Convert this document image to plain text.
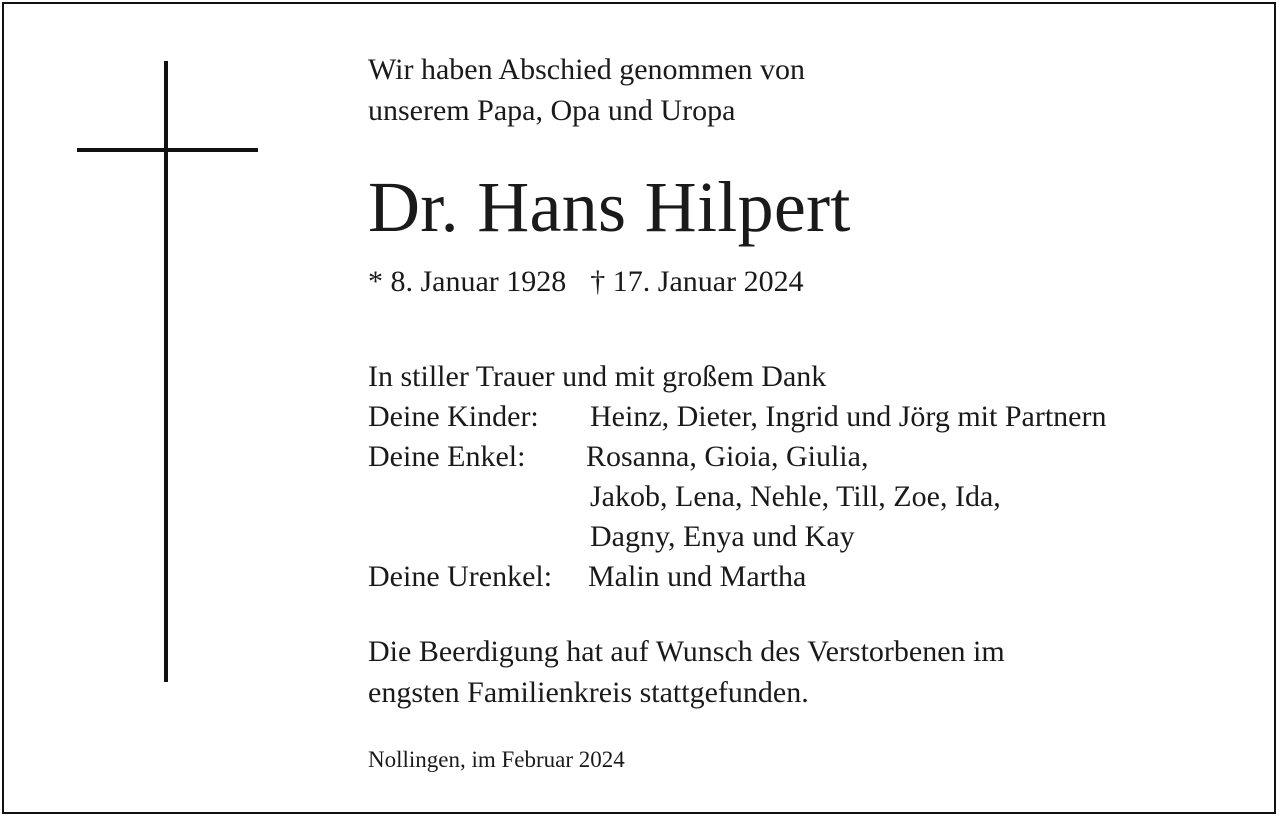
Wir haben Abschied genommen von
unserem Papa, Opa und Uropa
Dr. Hans Hilpert
* 8. Januar 1928 † 17. Januar 2024
In stiller Trauer und mit großem Dank
Deine Kinder: Heinz, Dieter, Ingrid und Jörg mit Partnern
Deine Enkel: Rosanna, Gioia, Giulia,
Jakob, Lena, Nehle, Till, Zoe, Ida,
Dagny, Enya und Kay
Deine Urenkel: Malin und Martha
Die Beerdigung hat auf Wunsch des Verstorbenen im
engsten Familienkreis stattgefunden.
Nollingen, im Februar 2024
